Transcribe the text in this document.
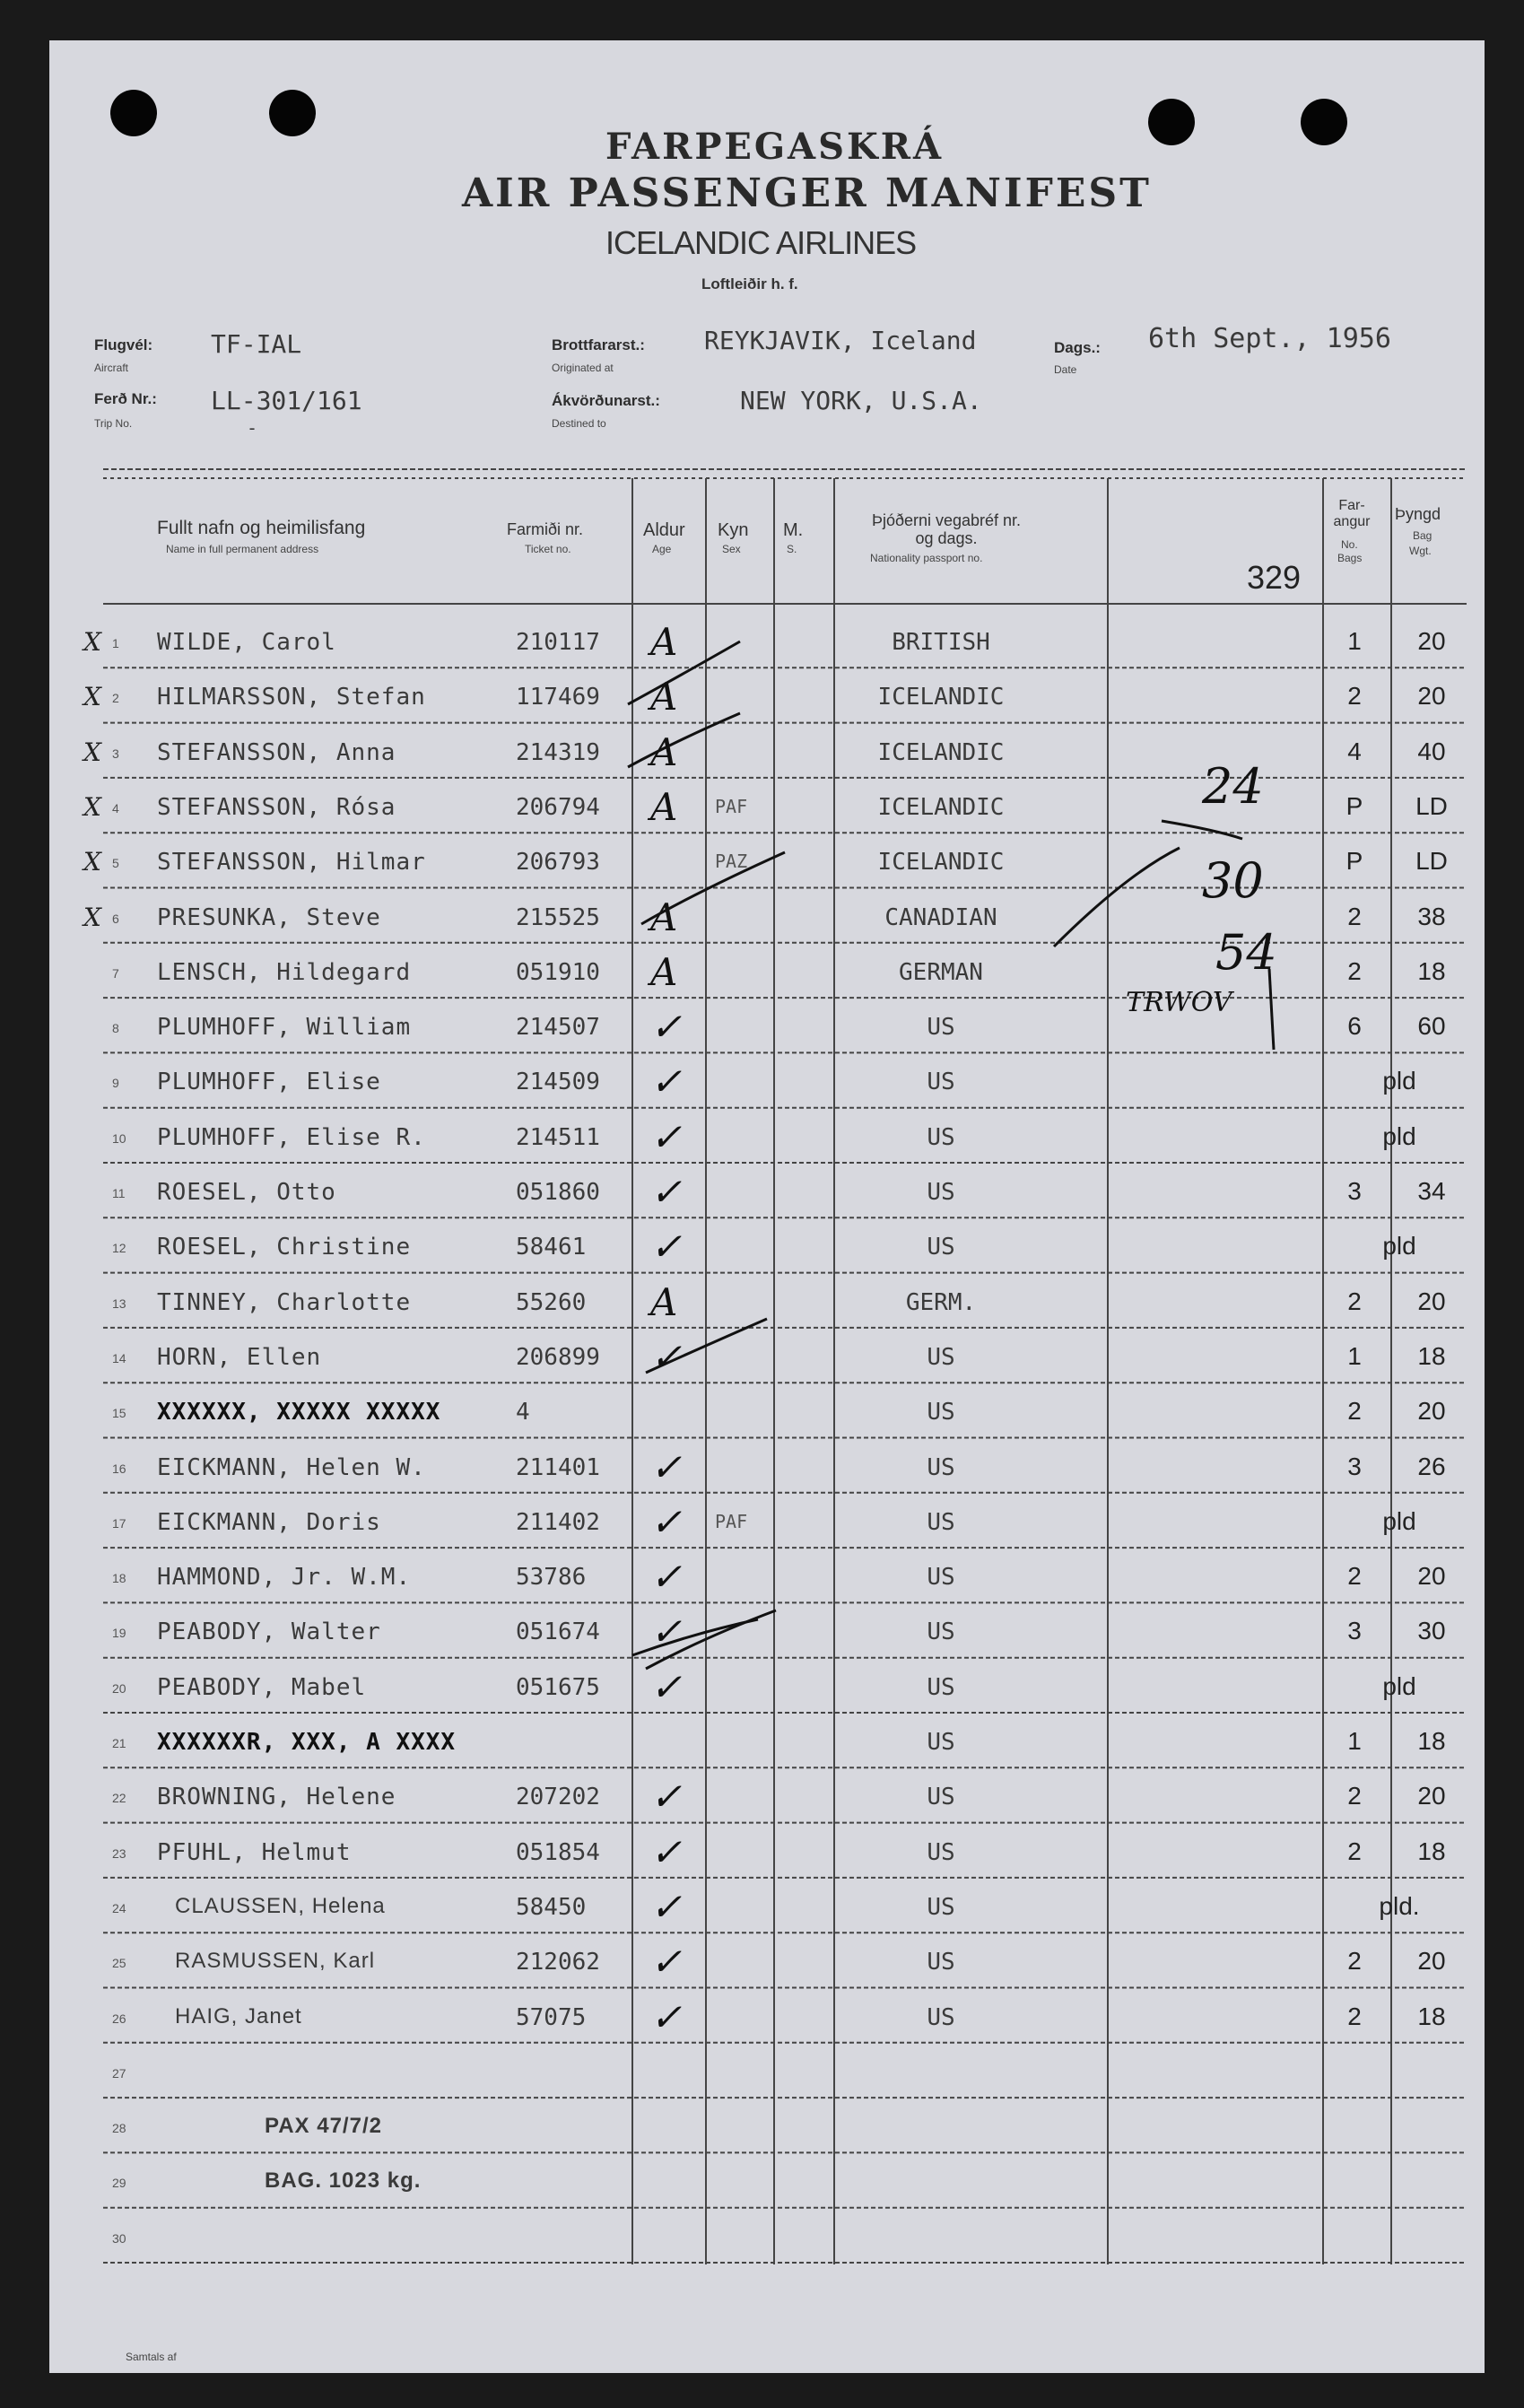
FARPEGASKRÁ
AIR PASSENGER MANIFEST
ICELANDIC AIRLINES
Loftleiðir h. f.
Flugvél:
Aircraft
TF-IAL
Ferð Nr.:
Trip No.
LL-301/161
-
Brottfararst.:
Originated at
REYKJAVIK, Iceland
Ákvörðunarst.:
Destined to
NEW YORK, U.S.A.
Dags.:
Date
6th Sept., 1956
Fullt nafn og heimilisfang
Name in full permanent address
Farmiði nr.
Ticket no.
Aldur
Age
Kyn
Sex
M.
S.
Þjóðerni vegabréf nr. og dags.
Nationality passport no.
Far-angur
No.
Bags
Þyngd
Bag
Wgt.
329
24
30
54
TRWOV
1
X WILDE, Carol	210117 A	BRITISH	1	20
2
X HILMARSSON, Stefan	117469 A	ICELANDIC	2	20
3
X STEFANSSON, Anna	214319 A	ICELANDIC	4	40
4
X STEFANSSON, Rósa	206794 A PAF	ICELANDIC	P	LD
5
X STEFANSSON, Hilmar	206793	PAZ	ICELANDIC	P	LD
6
X PRESUNKA, Steve	215525 A	CANADIAN	2	38
7 LENSCH, Hildegard	051910 A	GERMAN	2	18
8 PLUMHOFF, William	214507 ✓	US	6	60
9 PLUMHOFF, Elise	214509 ✓	US	pld
10 PLUMHOFF, Elise R.	214511 ✓	US	pld
11 ROESEL, Otto	051860 ✓	US	3	34
12 ROESEL, Christine	58461 ✓	US	pld
13 TINNEY, Charlotte	55260 A	GERM.	2	20
14 HORN, Ellen	206899 ✓	US	1	18
15 XXXXXX, XXXXX XXXXX	4	US	2	20
16 EICKMANN, Helen W.	211401 ✓	US	3	26
17 EICKMANN, Doris	211402 ✓ PAF	US	pld
18 HAMMOND, Jr. W.M.	53786 ✓	US	2	20
19 PEABODY, Walter	051674 ✓	US	3	30
20 PEABODY, Mabel	051675 ✓	US	pld
21 XXXXXXR, XXX, A XXXX	US	1	18
22 BROWNING, Helene	207202 ✓	US	2	20
23 PFUHL, Helmut	051854 ✓	US	2	18
24 CLAUSSEN, Helena	58450 ✓	US	pld.
25 RASMUSSEN, Karl	212062 ✓	US	2	20
26 HAIG, Janet	57075 ✓	US	2	18
27
28	PAX 47/7/2
29	BAG. 1023 kg.
30
Samtals af
